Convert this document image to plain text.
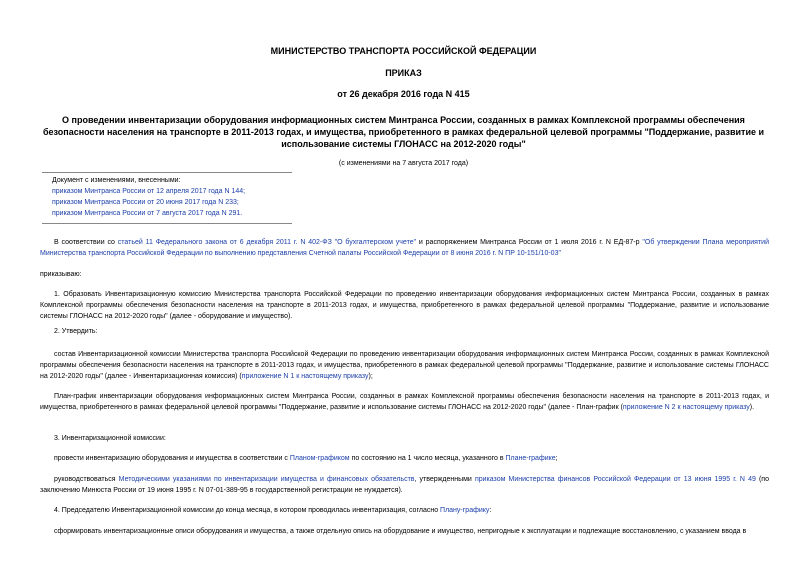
МИНИСТЕРСТВО ТРАНСПОРТА РОССИЙСКОЙ ФЕДЕРАЦИИ
ПРИКАЗ
от 26 декабря 2016 года N 415
О проведении инвентаризации оборудования информационных систем Минтранса России, созданных в рамках Комплексной программы обеспечения безопасности населения на транспорте в 2011-2013 годах, и имущества, приобретенного в рамках федеральной целевой программы "Поддержание, развитие и использование системы ГЛОНАСС на 2012-2020 годы"
(с изменениями на 7 августа 2017 года)
Документ с изменениями, внесенными:
приказом Минтранса России от 12 апреля 2017 года N 144;
приказом Минтранса России от 20 июня 2017 года N 233;
приказом Минтранса России от 7 августа 2017 года N 291.

В соответствии со статьей 11 Федерального закона от 6 декабря 2011 г. N 402-ФЗ "О бухгалтерском учете" и распоряжением Минтранса России от 1 июля 2016 г. N ЕД-87-р "Об утверждении Плана мероприятий Министерства транспорта Российской Федерации по выполнению представления Счетной палаты Российской Федерации от 8 июня 2016 г. N ПР 10-151/10-03"

приказываю:

1. Образовать Инвентаризационную комиссию Министерства транспорта Российской Федерации по проведению инвентаризации оборудования информационных систем Минтранса России, созданных в рамках Комплексной программы обеспечения безопасности населения на транспорте в 2011-2013 годах, и имущества, приобретенного в рамках федеральной целевой программы "Поддержание, развитие и использование системы ГЛОНАСС на 2012-2020 годы" (далее - оборудование и имущество).

2. Утвердить:

состав Инвентаризационной комиссии Министерства транспорта Российской Федерации по проведению инвентаризации оборудования информационных систем Минтранса России, созданных в рамках Комплексной программы обеспечения безопасности населения на транспорте в 2011-2013 годах, и имущества, приобретенного в рамках федеральной целевой программы "Поддержание, развитие и использование системы ГЛОНАСС на 2012-2020 годы" (далее - Инвентаризационная комиссия) (приложение N 1 к настоящему приказу);

План-график инвентаризации оборудования информационных систем Минтранса России, созданных в рамках Комплексной программы обеспечения безопасности населения на транспорте в 2011-2013 годах, и имущества, приобретенного в рамках федеральной целевой программы "Поддержание, развитие и использование системы ГЛОНАСС на 2012-2020 годы" (далее - План-график (приложение N 2 к настоящему приказу).

3. Инвентаризационной комиссии:

провести инвентаризацию оборудования и имущества в соответствии с Планом-графиком по состоянию на 1 число месяца, указанного в Плане-графике;

руководствоваться Методическими указаниями по инвентаризации имущества и финансовых обязательств, утвержденными приказом Министерства финансов Российской Федерации от 13 июня 1995 г. N 49 (по заключению Минюста России от 19 июня 1995 г. N 07-01-389-95 в государственной регистрации не нуждается).

4. Председателю Инвентаризационной комиссии до конца месяца, в котором проводилась инвентаризация, согласно Плану-графику:

сформировать инвентаризационные описи оборудования и имущества, а также отдельную опись на оборудование и имущество, непригодные к эксплуатации и подлежащие восстановлению, с указанием ввода в
